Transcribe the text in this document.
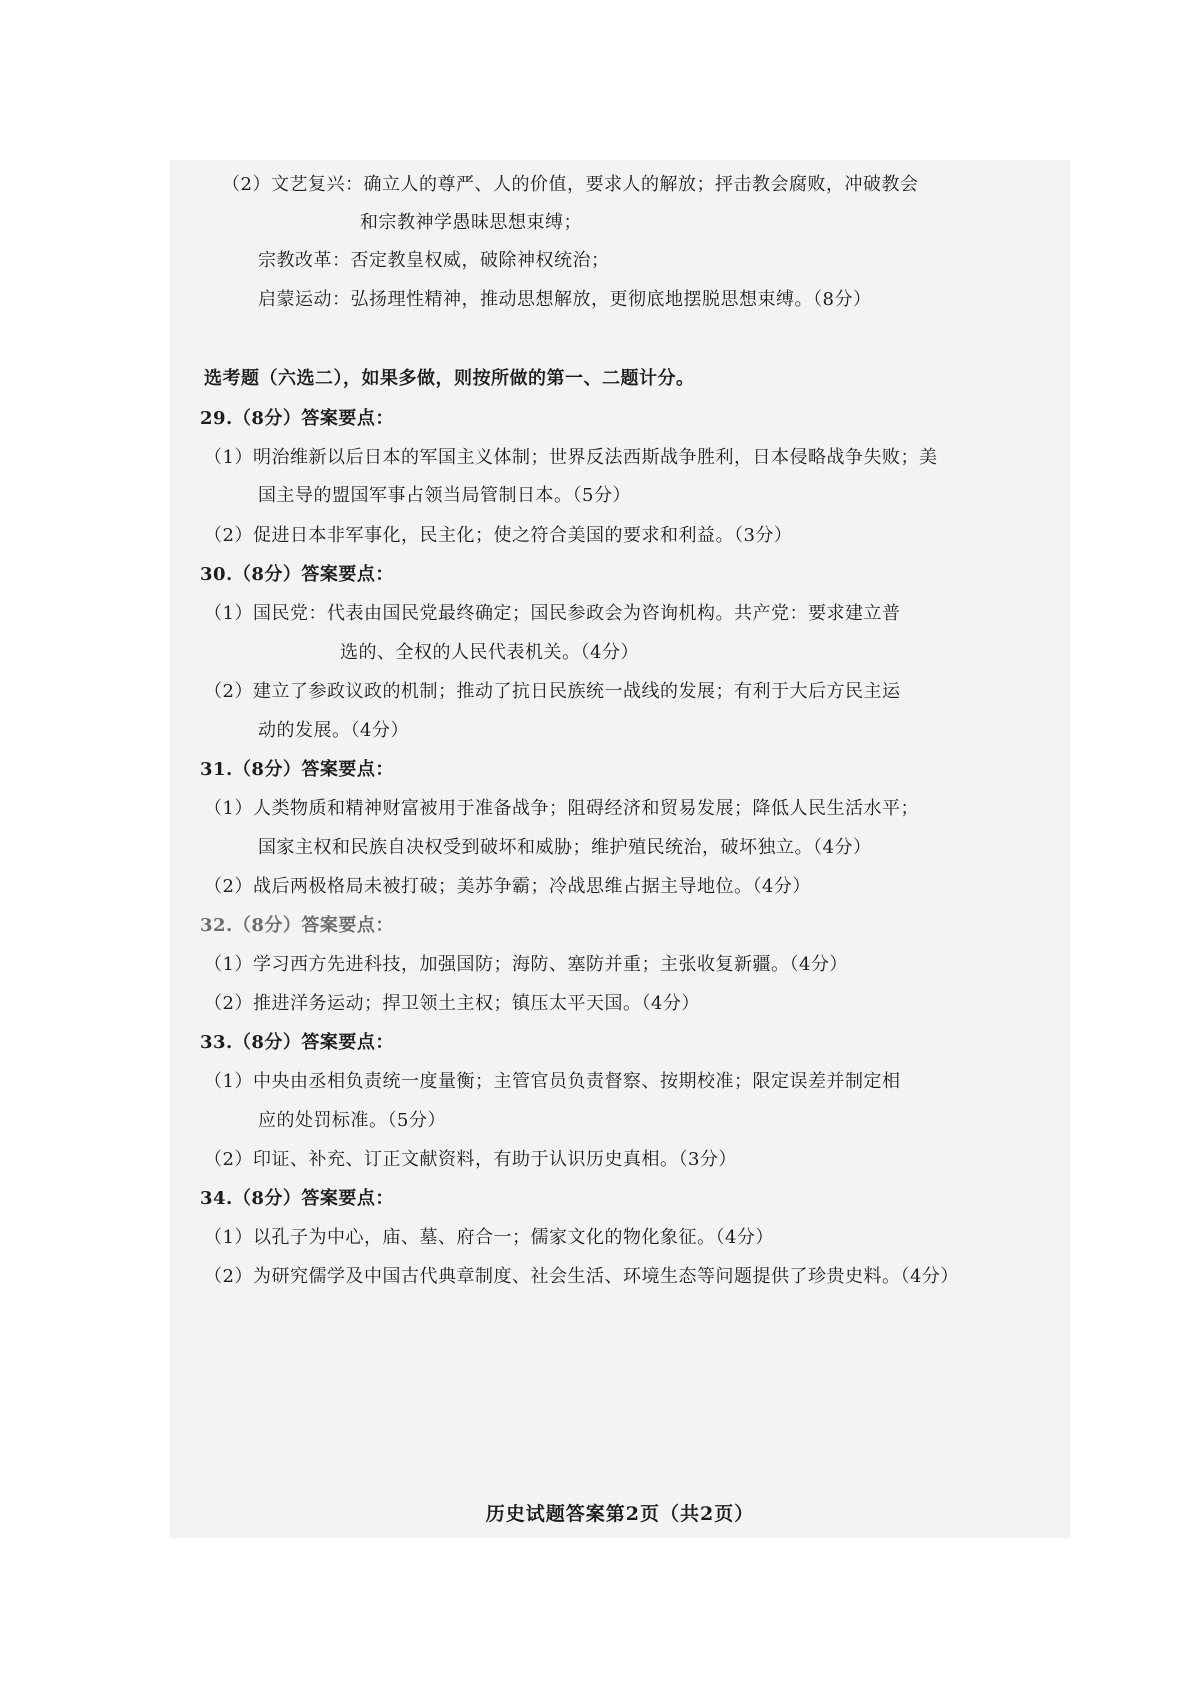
（2）文艺复兴：确立人的尊严、人的价值，要求人的解放；抨击教会腐败，冲破教会
和宗教神学愚昧思想束缚；
宗教改革：否定教皇权威，破除神权统治；
启蒙运动：弘扬理性精神，推动思想解放，更彻底地摆脱思想束缚。（8分）
选考题（六选二），如果多做，则按所做的第一、二题计分。
29.（8分）答案要点：
（1）明治维新以后日本的军国主义体制；世界反法西斯战争胜利，日本侵略战争失败；美
国主导的盟国军事占领当局管制日本。（5分）
（2）促进日本非军事化，民主化；使之符合美国的要求和利益。（3分）
30.（8分）答案要点：
（1）国民党：代表由国民党最终确定；国民参政会为咨询机构。共产党：要求建立普
选的、全权的人民代表机关。（4分）
（2）建立了参政议政的机制；推动了抗日民族统一战线的发展；有利于大后方民主运
动的发展。（4分）
31.（8分）答案要点：
（1）人类物质和精神财富被用于准备战争；阻碍经济和贸易发展；降低人民生活水平；
国家主权和民族自决权受到破坏和威胁；维护殖民统治，破坏独立。（4分）
（2）战后两极格局未被打破；美苏争霸；冷战思维占据主导地位。（4分）
32.（8分）答案要点：
（1）学习西方先进科技，加强国防；海防、塞防并重；主张收复新疆。（4分）
（2）推进洋务运动；捍卫领土主权；镇压太平天国。（4分）
33.（8分）答案要点：
（1）中央由丞相负责统一度量衡；主管官员负责督察、按期校准；限定误差并制定相
应的处罚标准。（5分）
（2）印证、补充、订正文献资料，有助于认识历史真相。（3分）
34.（8分）答案要点：
（1）以孔子为中心，庙、墓、府合一；儒家文化的物化象征。（4分）
（2）为研究儒学及中国古代典章制度、社会生活、环境生态等问题提供了珍贵史料。（4分）
历史试题答案第2页（共2页）
